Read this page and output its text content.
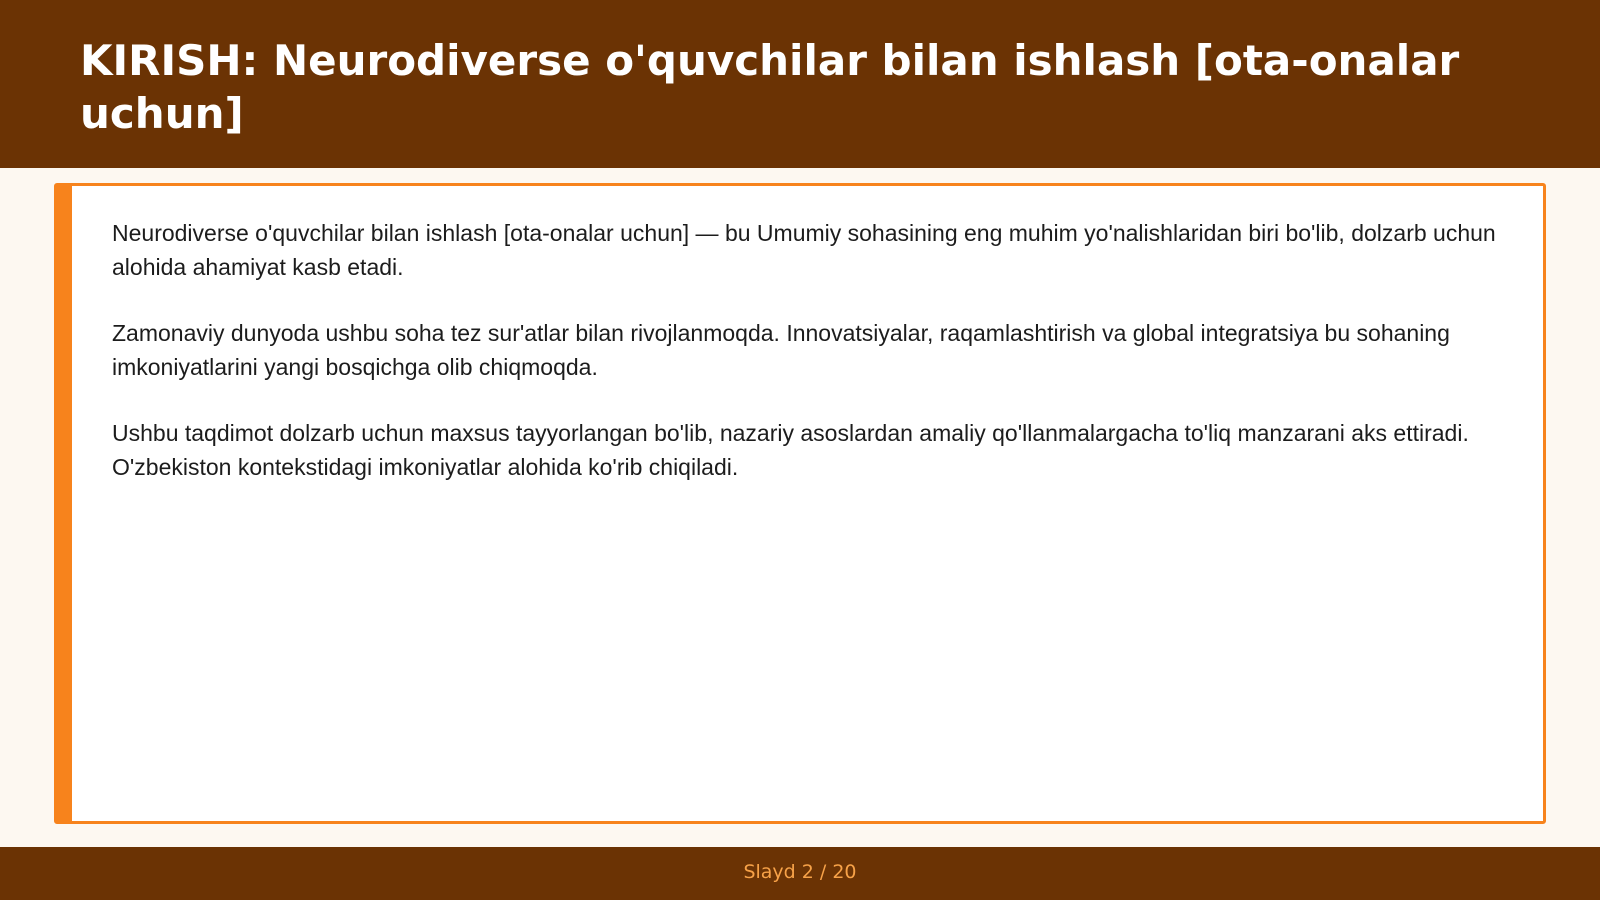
KIRISH: Neurodiverse o'quvchilar bilan ishlash [ota-onalar uchun]

Neurodiverse o'quvchilar bilan ishlash [ota-onalar uchun] — bu Umumiy sohasining eng muhim yo'nalishlaridan biri bo'lib, dolzarb uchun alohida ahamiyat kasb etadi.

Zamonaviy dunyoda ushbu soha tez sur'atlar bilan rivojlanmoqda. Innovatsiyalar, raqamlashtirish va global integratsiya bu sohaning imkoniyatlarini yangi bosqichga olib chiqmoqda.

Ushbu taqdimot dolzarb uchun maxsus tayyorlangan bo'lib, nazariy asoslardan amaliy qo'llanmalargacha to'liq manzarani aks ettiradi. O'zbekiston kontekstidagi imkoniyatlar alohida ko'rib chiqiladi.

Slayd 2 / 20
